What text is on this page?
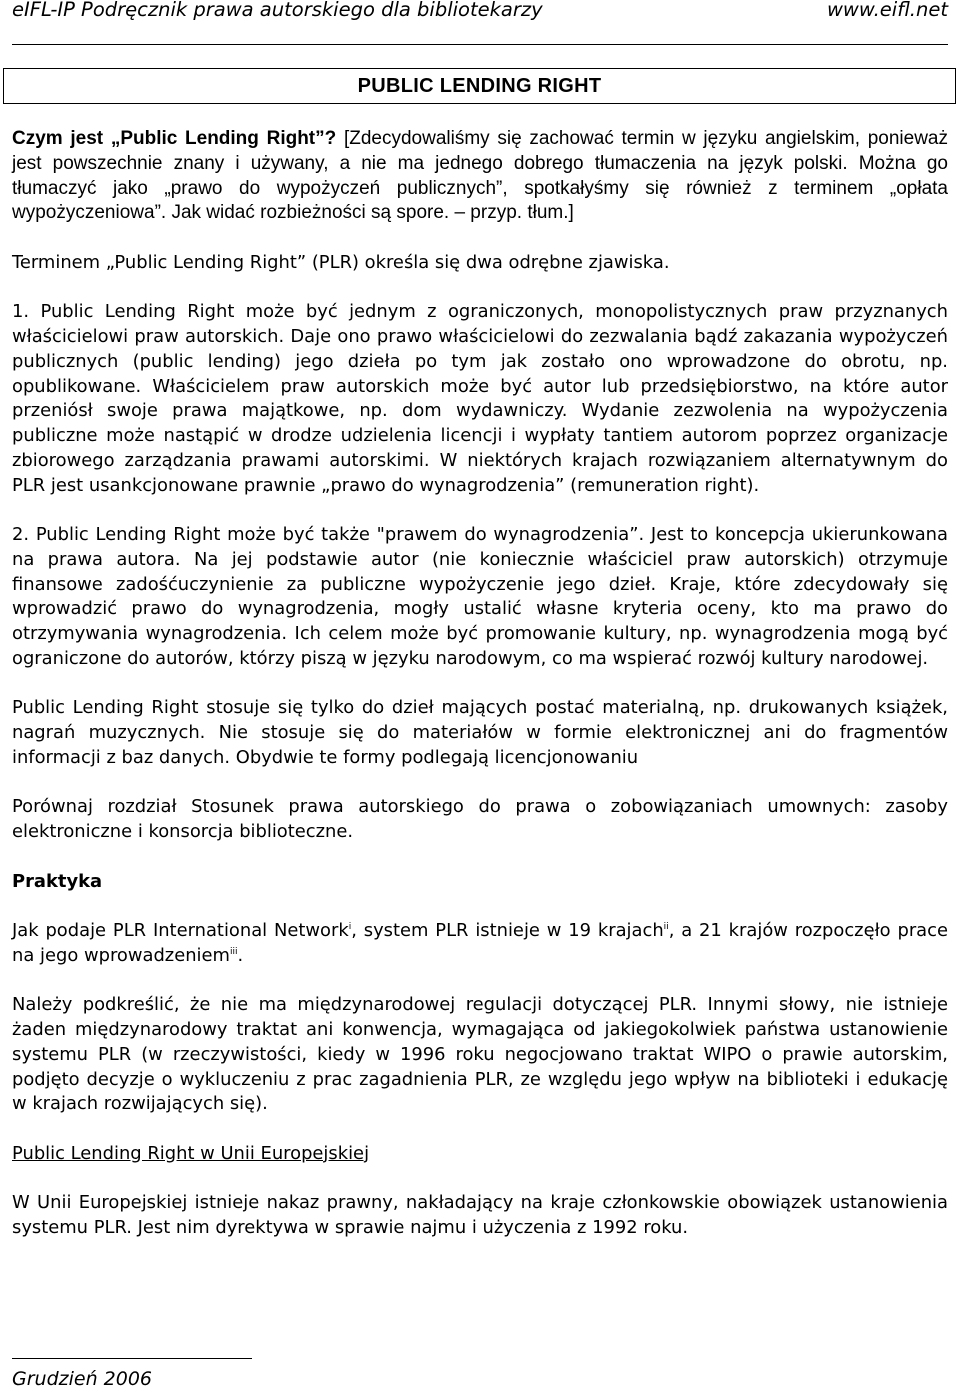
eIFL-IP Podręcznik prawa autorskiego dla bibliotekarzy	www.eifl.net
PUBLIC LENDING RIGHT

Czym jest „Public Lending Right”? [Zdecydowaliśmy się zachować termin w języku angielskim, ponieważ jest powszechnie znany i używany, a nie ma jednego dobrego tłumaczenia na język polski. Można go tłumaczyć jako „prawo do wypożyczeń publicznych”, spotkałyśmy się również z terminem „opłata wypożyczeniowa”. Jak widać rozbieżności są spore. – przyp. tłum.]

Terminem „Public Lending Right” (PLR) określa się dwa odrębne zjawiska.

1. Public Lending Right może być jednym z ograniczonych, monopolistycznych praw przyznanych właścicielowi praw autorskich. Daje ono prawo właścicielowi do zezwalania bądź zakazania wypożyczeń publicznych (public lending) jego dzieła po tym jak zostało ono wprowadzone do obrotu, np. opublikowane. Właścicielem praw autorskich może być autor lub przedsiębiorstwo, na które autor przeniósł swoje prawa majątkowe, np. dom wydawniczy. Wydanie zezwolenia na wypożyczenia publiczne może nastąpić w drodze udzielenia licencji i wypłaty tantiem autorom poprzez organizacje zbiorowego zarządzania prawami autorskimi. W niektórych krajach rozwiązaniem alternatywnym do PLR jest usankcjonowane prawnie „prawo do wynagrodzenia” (remuneration right).

2. Public Lending Right może być także "prawem do wynagrodzenia”. Jest to koncepcja ukierunkowana na prawa autora. Na jej podstawie autor (nie koniecznie właściciel praw autorskich) otrzymuje finansowe zadośćuczynienie za publiczne wypożyczenie jego dzieł. Kraje, które zdecydowały się wprowadzić prawo do wynagrodzenia, mogły ustalić własne kryteria oceny, kto ma prawo do otrzymywania wynagrodzenia. Ich celem może być promowanie kultury, np. wynagrodzenia mogą być ograniczone do autorów, którzy piszą w języku narodowym, co ma wspierać rozwój kultury narodowej.

Public Lending Right stosuje się tylko do dzieł mających postać materialną, np. drukowanych książek, nagrań muzycznych. Nie stosuje się do materiałów w formie elektronicznej ani do fragmentów informacji z baz danych. Obydwie te formy podlegają licencjonowaniu

Porównaj rozdział Stosunek prawa autorskiego do prawa o zobowiązaniach umownych: zasoby elektroniczne i konsorcja biblioteczne.

Praktyka

Jak podaje PLR International Network$^i$, system PLR istnieje w 19 krajach$^{ii}$, a 21 krajów rozpoczęło prace na jego wprowadzeniem$^{iii}$.

Należy podkreślić, że nie ma międzynarodowej regulacji dotyczącej PLR. Innymi słowy, nie istnieje żaden międzynarodowy traktat ani konwencja, wymagająca od jakiegokolwiek państwa ustanowienie systemu PLR (w rzeczywistości, kiedy w 1996 roku negocjowano traktat WIPO o prawie autorskim, podjęto decyzje o wykluczeniu z prac zagadnienia PLR, ze względu jego wpływ na biblioteki i edukację w krajach rozwijających się).

Public Lending Right w Unii Europejskiej

W Unii Europejskiej istnieje nakaz prawny, nakładający na kraje członkowskie obowiązek ustanowienia systemu PLR. Jest nim dyrektywa w sprawie najmu i użyczenia z 1992 roku.

Grudzień 2006
